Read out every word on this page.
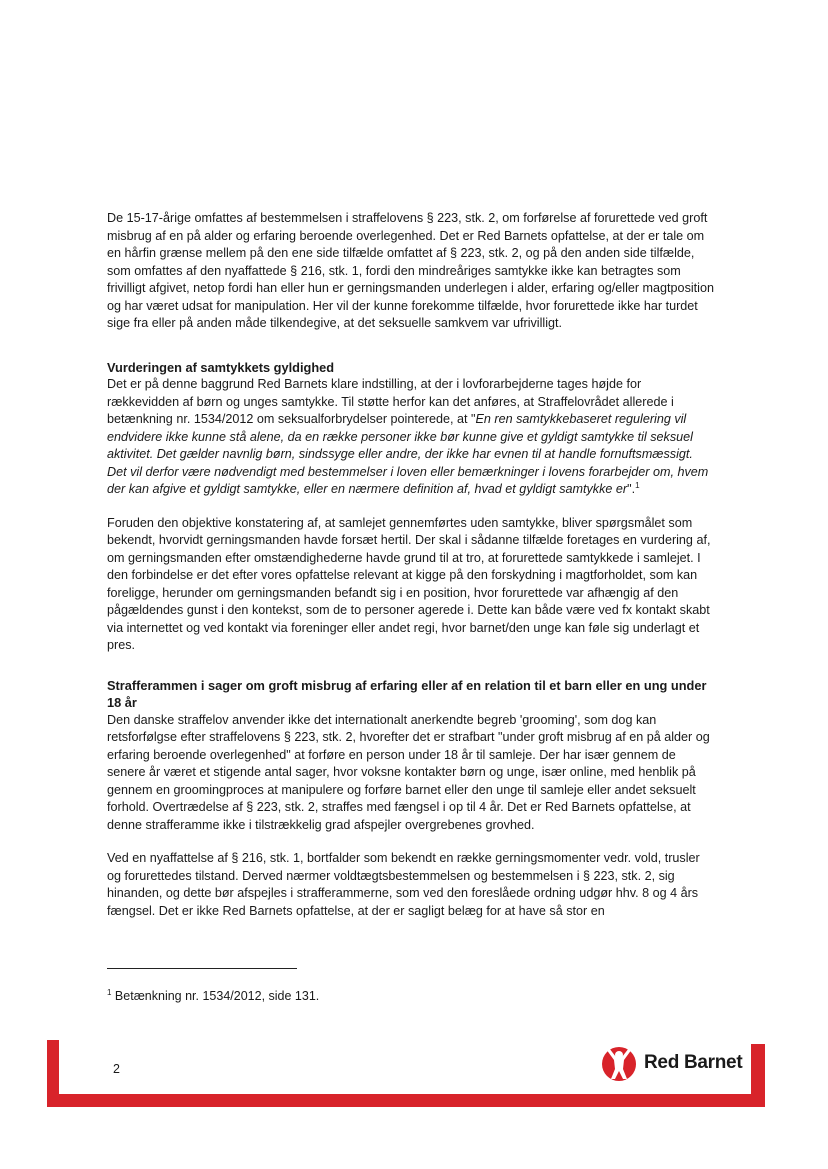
De 15-17-årige omfattes af bestemmelsen i straffelovens § 223, stk. 2, om forførelse af forurettede ved groft misbrug af en på alder og erfaring beroende overlegenhed. Det er Red Barnets opfattelse, at der er tale om en hårfin grænse mellem på den ene side tilfælde omfattet af § 223, stk. 2, og på den anden side tilfælde, som omfattes af den nyaffattede § 216, stk. 1, fordi den mindreåriges samtykke ikke kan betragtes som frivilligt afgivet, netop fordi han eller hun er gerningsmanden underlegen i alder, erfaring og/eller magtposition og har været udsat for manipulation. Her vil der kunne forekomme tilfælde, hvor forurettede ikke har turdet sige fra eller på anden måde tilkendegive, at det seksuelle samkvem var ufrivilligt.

Vurderingen af samtykkets gyldighed

Det er på denne baggrund Red Barnets klare indstilling, at der i lovforarbejderne tages højde for rækkevidden af børn og unges samtykke. Til støtte herfor kan det anføres, at Straffelovrådet allerede i betænkning nr. 1534/2012 om seksualforbrydelser pointerede, at "En ren samtykkebaseret regulering vil endvidere ikke kunne stå alene, da en række personer ikke bør kunne give et gyldigt samtykke til seksuel aktivitet. Det gælder navnlig børn, sindssyge eller andre, der ikke har evnen til at handle fornuftsmæssigt. Det vil derfor være nødvendigt med bestemmelser i loven eller bemærkninger i lovens forarbejder om, hvem der kan afgive et gyldigt samtykke, eller en nærmere definition af, hvad et gyldigt samtykke er".$^1$

Foruden den objektive konstatering af, at samlejet gennemførtes uden samtykke, bliver spørgsmålet som bekendt, hvorvidt gerningsmanden havde forsæt hertil. Der skal i sådanne tilfælde foretages en vurdering af, om gerningsmanden efter omstændighederne havde grund til at tro, at forurettede samtykkede i samlejet. I den forbindelse er det efter vores opfattelse relevant at kigge på den forskydning i magtforholdet, som kan foreligge, herunder om gerningsmanden befandt sig i en position, hvor forurettede var afhængig af den pågældendes gunst i den kontekst, som de to personer agerede i. Dette kan både være ved fx kontakt skabt via internettet og ved kontakt via foreninger eller andet regi, hvor barnet/den unge kan føle sig underlagt et pres.

Strafferammen i sager om groft misbrug af erfaring eller af en relation til et barn eller en ung under 18 år

Den danske straffelov anvender ikke det internationalt anerkendte begreb 'grooming', som dog kan retsforfølgse efter straffelovens § 223, stk. 2, hvorefter det er strafbart "under groft misbrug af en på alder og erfaring beroende overlegenhed" at forføre en person under 18 år til samleje. Der har især gennem de senere år været et stigende antal sager, hvor voksne kontakter børn og unge, især online, med henblik på gennem en groomingproces at manipulere og forføre barnet eller den unge til samleje eller andet seksuelt forhold. Overtrædelse af § 223, stk. 2, straffes med fængsel i op til 4 år. Det er Red Barnets opfattelse, at denne strafferamme ikke i tilstrækkelig grad afspejler overgrebenes grovhed.

Ved en nyaffattelse af § 216, stk. 1, bortfalder som bekendt en række gerningsmomenter vedr. vold, trusler og forurettedes tilstand. Derved nærmer voldtægtsbestemmelsen og bestemmelsen i § 223, stk. 2, sig hinanden, og dette bør afspejles i strafferammerne, som ved den foreslåede ordning udgør hhv. 8 og 4 års fængsel. Det er ikke Red Barnets opfattelse, at der er sagligt belæg for at have så stor en

$^1$ Betænkning nr. 1534/2012, side 131.
2	Red Barnet
